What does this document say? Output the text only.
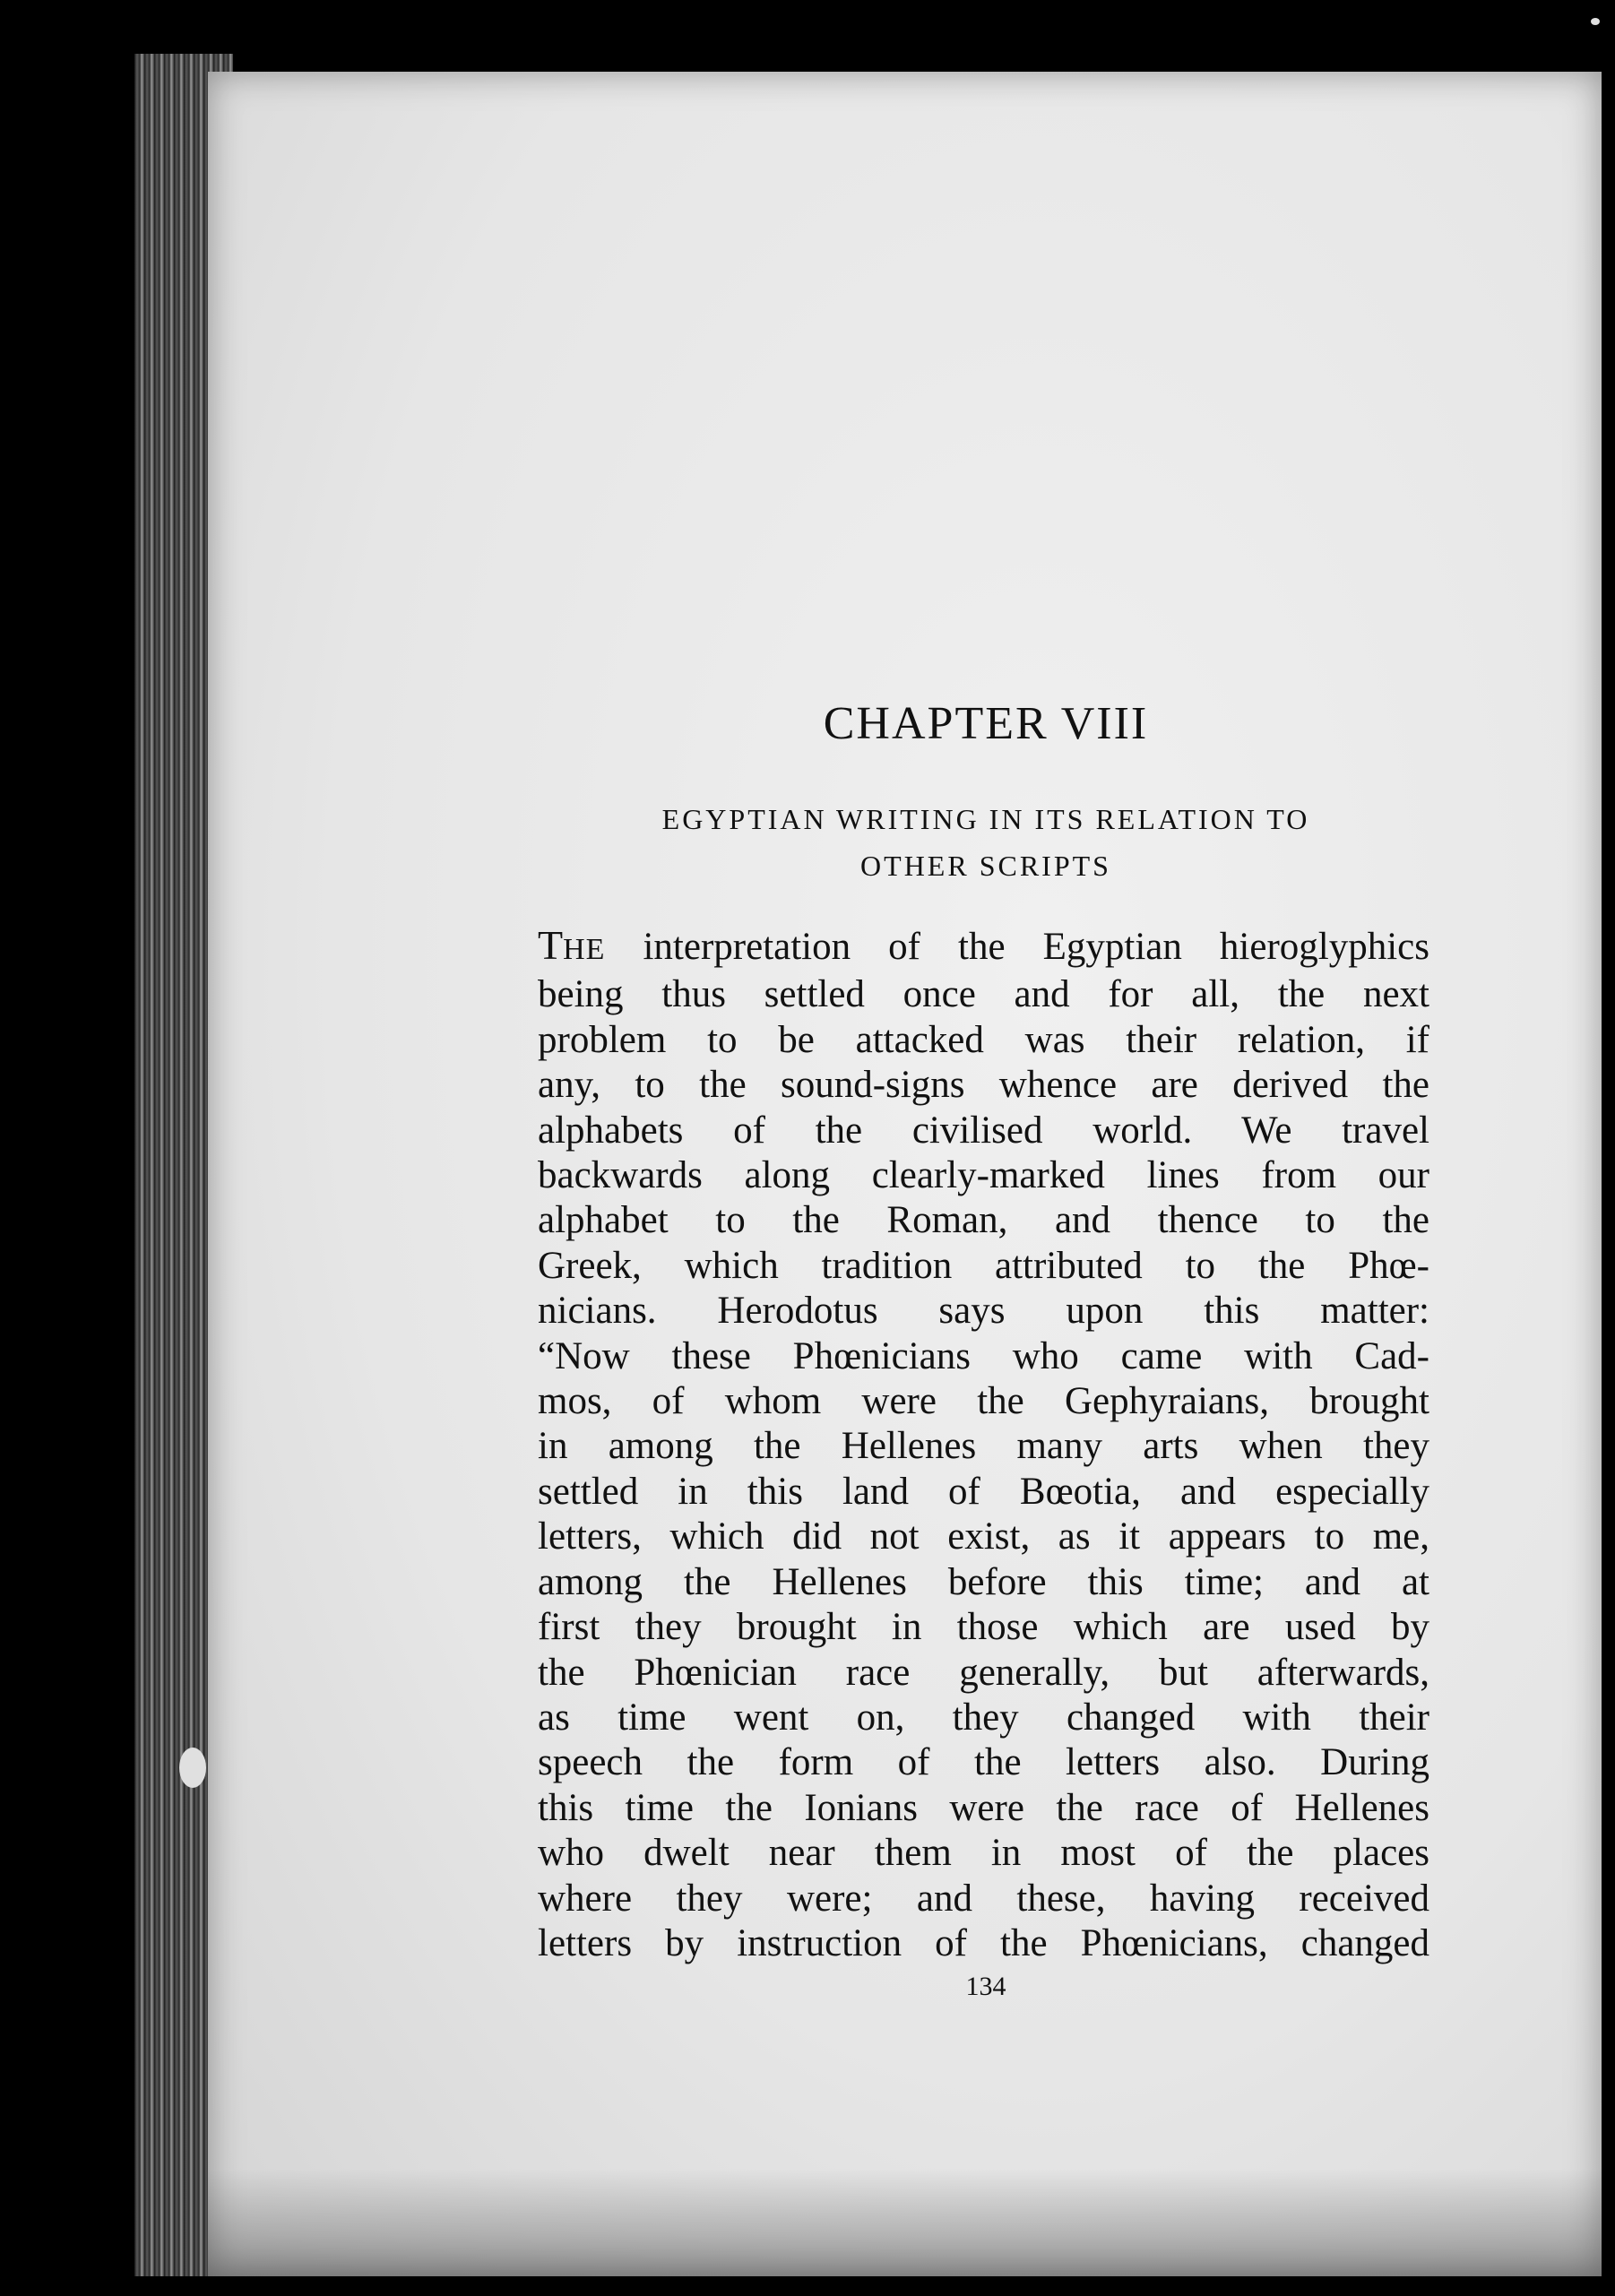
CHAPTER VIII
EGYPTIAN WRITING IN ITS RELATION TO
OTHER SCRIPTS
THE interpretation of the Egyptian hieroglyphics
being thus settled once and for all, the next
problem to be attacked was their relation, if
any, to the sound-signs whence are derived the
alphabets of the civilised world. We travel
backwards along clearly-marked lines from our
alphabet to the Roman, and thence to the
Greek, which tradition attributed to the Phœ-
nicians. Herodotus says upon this matter:
“Now these Phœnicians who came with Cad-
mos, of whom were the Gephyraians, brought
in among the Hellenes many arts when they
settled in this land of Bœotia, and especially
letters, which did not exist, as it appears to me,
among the Hellenes before this time; and at
first they brought in those which are used by
the Phœnician race generally, but afterwards,
as time went on, they changed with their
speech the form of the letters also. During
this time the Ionians were the race of Hellenes
who dwelt near them in most of the places
where they were; and these, having received
letters by instruction of the Phœnicians, changed
134
